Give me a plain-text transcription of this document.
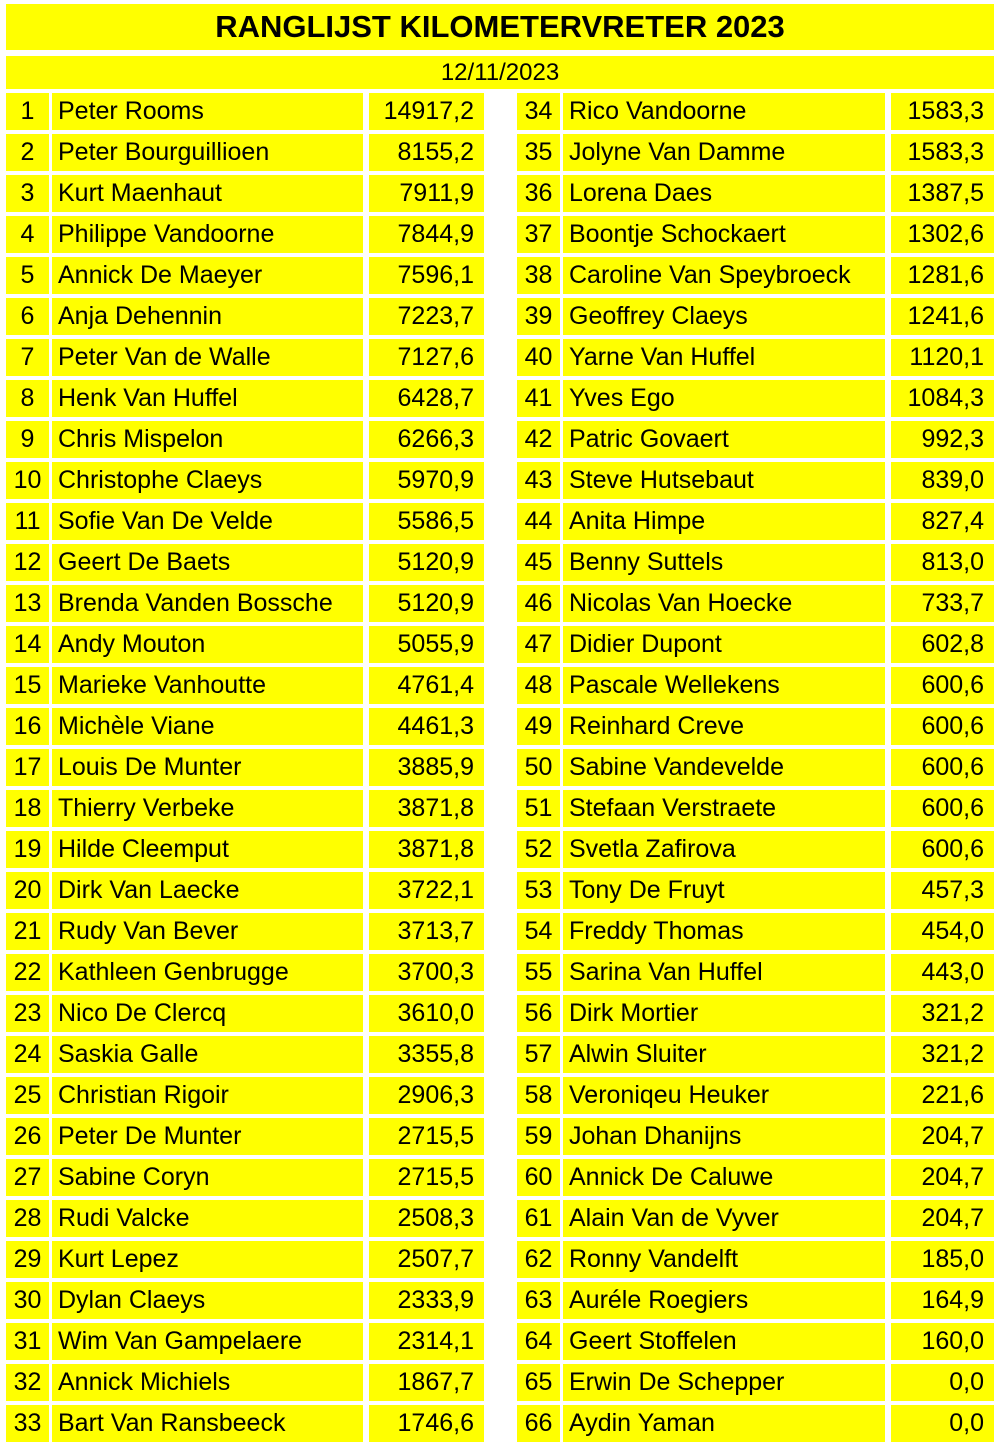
RANGLIJST KILOMETERVRETER 2023
12/11/2023
1 Peter Rooms	14917,2
2 Peter Bourguillioen	8155,2
3 Kurt Maenhaut	7911,9
4 Philippe Vandoorne	7844,9
5 Annick De Maeyer	7596,1
6 Anja Dehennin	7223,7
7 Peter Van de Walle	7127,6
8 Henk Van Huffel	6428,7
9 Chris Mispelon	6266,3
10 Christophe Claeys	5970,9
11 Sofie Van De Velde	5586,5
12 Geert De Baets	5120,9
13 Brenda Vanden Bossche	5120,9
14 Andy Mouton	5055,9
15 Marieke Vanhoutte	4761,4
16 Michèle Viane	4461,3
17 Louis De Munter	3885,9
18 Thierry Verbeke	3871,8
19 Hilde Cleemput	3871,8
20 Dirk Van Laecke	3722,1
21 Rudy Van Bever	3713,7
22 Kathleen Genbrugge	3700,3
23 Nico De Clercq	3610,0
24 Saskia Galle	3355,8
25 Christian Rigoir	2906,3
26 Peter De Munter	2715,5
27 Sabine Coryn	2715,5
28 Rudi Valcke	2508,3
29 Kurt Lepez	2507,7
30 Dylan Claeys	2333,9
31 Wim Van Gampelaere	2314,1
32 Annick Michiels	1867,7
33 Bart Van Ransbeeck	1746,6
34 Rico Vandoorne	1583,3
35 Jolyne Van Damme	1583,3
36 Lorena Daes	1387,5
37 Boontje Schockaert	1302,6
38 Caroline Van Speybroeck	1281,6
39 Geoffrey Claeys	1241,6
40 Yarne Van Huffel	1120,1
41 Yves Ego	1084,3
42 Patric Govaert	992,3
43 Steve Hutsebaut	839,0
44 Anita Himpe	827,4
45 Benny Suttels	813,0
46 Nicolas Van Hoecke	733,7
47 Didier Dupont	602,8
48 Pascale Wellekens	600,6
49 Reinhard Creve	600,6
50 Sabine Vandevelde	600,6
51 Stefaan Verstraete	600,6
52 Svetla Zafirova	600,6
53 Tony De Fruyt	457,3
54 Freddy Thomas	454,0
55 Sarina Van Huffel	443,0
56 Dirk Mortier	321,2
57 Alwin Sluiter	321,2
58 Veroniqeu Heuker	221,6
59 Johan Dhanijns	204,7
60 Annick De Caluwe	204,7
61 Alain Van de Vyver	204,7
62 Ronny Vandelft	185,0
63 Auréle Roegiers	164,9
64 Geert Stoffelen	160,0
65 Erwin De Schepper	0,0
66 Aydin Yaman	0,0
